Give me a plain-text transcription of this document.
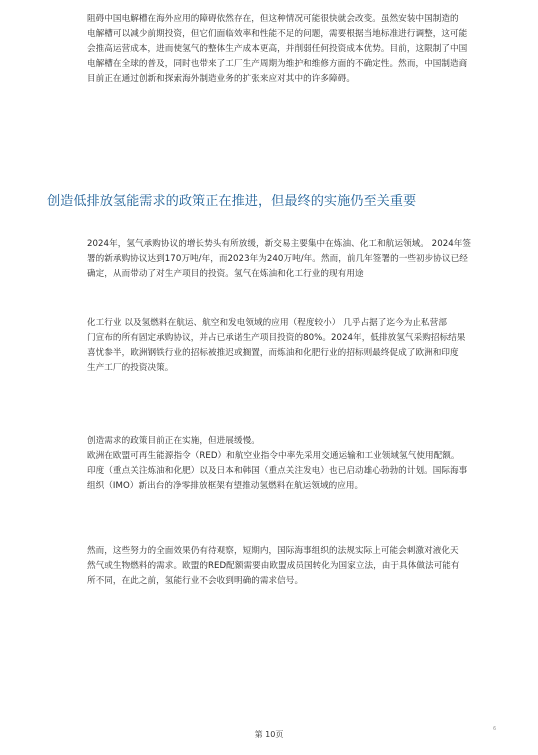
阻碍中国电解槽在海外应用的障碍依然存在，但这种情况可能很快就会改变。虽然安装中国制造的
电解槽可以减少前期投资，但它们面临效率和性能不足的问题，需要根据当地标准进行调整，这可能
会推高运营成本，进而使氢气的整体生产成本更高，并削弱任何投资成本优势。目前，这限制了中国
电解槽在全球的普及，同时也带来了工厂生产周期为维护和维修方面的不确定性。然而，中国制造商
目前正在通过创新和探索海外制造业务的扩张来应对其中的许多障碍。
创造低排放氢能需求的政策正在推进，但最终的实施仍至关重要
2024年，氢气承购协议的增长势头有所放缓，新交易主要集中在炼油、化工和航运领域。 2024年签
署的新承购协议达到170万吨/年，而2023年为240万吨/年。然而，前几年签署的一些初步协议已经
确定，从而带动了对生产项目的投资。氢气在炼油和化工行业的现有用途
化工行业 以及氢燃料在航运、航空和发电领域的应用（程度较小） 几乎占据了迄今为止私营部
门宣布的所有固定承购协议，并占已承诺生产项目投资的80%。2024年，低排放氢气采购招标结果
喜忧参半，欧洲钢铁行业的招标被推迟或搁置，而炼油和化肥行业的招标则最终促成了欧洲和印度
生产工厂的投资决策。
创造需求的政策目前正在实施，但进展缓慢。
欧洲在欧盟可再生能源指令（RED）和航空业指令中率先采用交通运输和工业领域氢气使用配额。
印度（重点关注炼油和化肥）以及日本和韩国（重点关注发电）也已启动雄心勃勃的计划。国际海事
组织（IMO）新出台的净零排放框架有望推动氢燃料在航运领域的应用。
然而，这些努力的全面效果仍有待观察，短期内，国际海事组织的法规实际上可能会刺激对液化天
然气或生物燃料的需求。欧盟的RED配额需要由欧盟成员国转化为国家立法，由于具体做法可能有
所不同，在此之前，氢能行业不会收到明确的需求信号。
第 10页
6
